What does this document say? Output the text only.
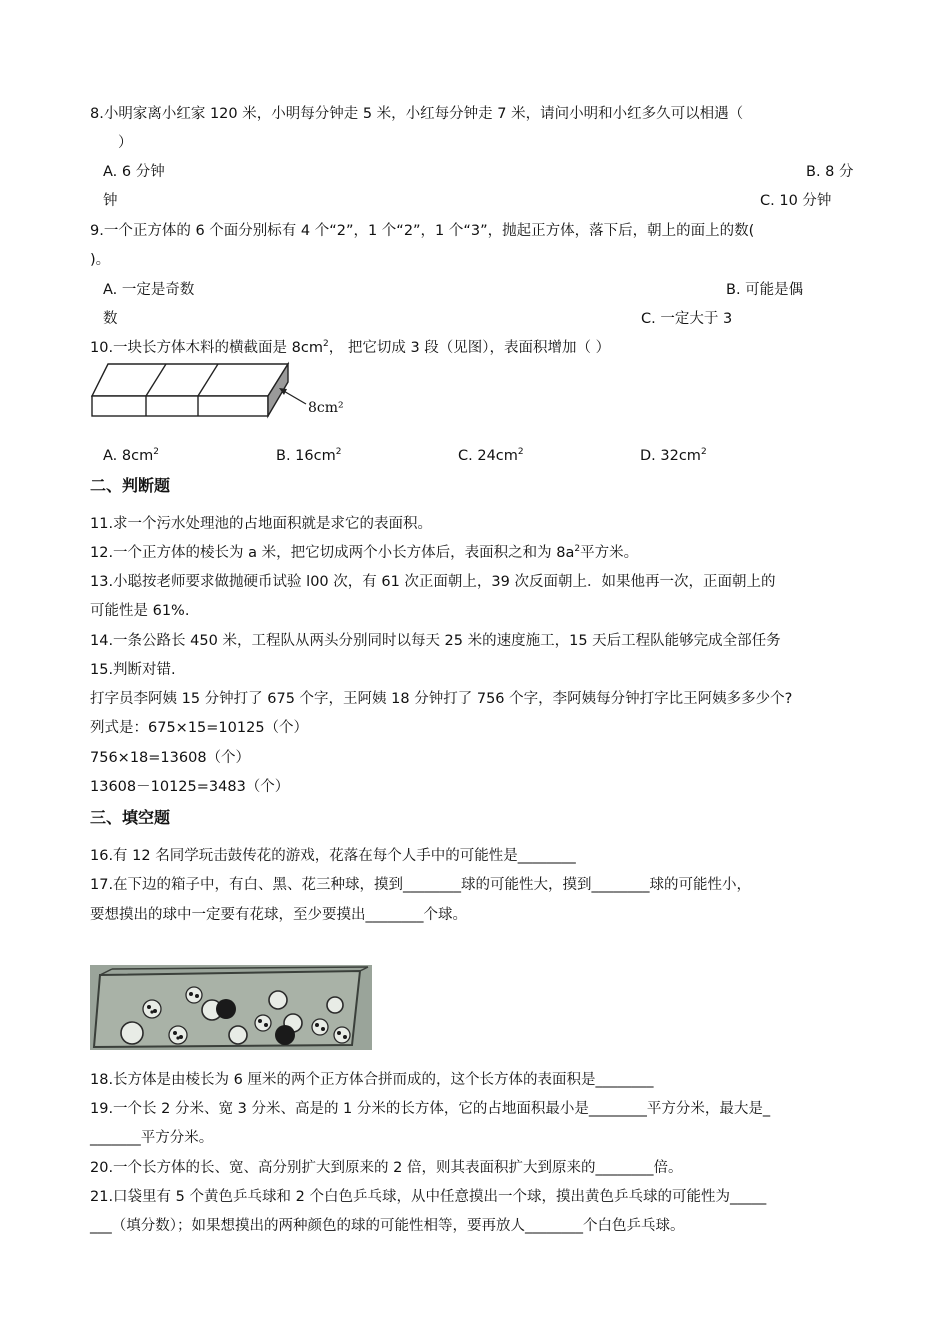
8.小明家离小红家 120 米，小明每分钟走 5 米，小红每分钟走 7 米，请问小明和小红多久可以相遇（
）
A. 6 分钟	B. 8 分
钟	C. 10 分钟
9.一个正方体的 6 个面分别标有 4 个“2”，1 个“2”，1 个“3”，抛起正方体，落下后，朝上的面上的数(
)。
A. 一定是奇数	B. 可能是偶
数	C. 一定大于 3
10.一块长方体木料的横截面是 $8cm^2$， 把它切成 3 段（见图），表面积增加（ ）
8cm²
A. $8cm^2$	B. $16cm^2$	C. $24cm^2$	D. $32cm^2$
二、判断题
11.求一个污水处理池的占地面积就是求它的表面积。
12.一个正方体的棱长为 a 米，把它切成两个小长方体后，表面积之和为 $8a^2$平方米。
13.小聪按老师要求做抛硬币试验 l00 次，有 61 次正面朝上，39 次反面朝上．如果他再一次，正面朝上的
可能性是 61%.
14.一条公路长 450 米，工程队从两头分别同时以每天 25 米的速度施工，15 天后工程队能够完成全部任务
15.判断对错.
打字员李阿姨 15 分钟打了 675 个字，王阿姨 18 分钟打了 756 个字，李阿姨每分钟打字比王阿姨多多少个?
列式是：675×15=10125（个）
756×18=13608（个）
13608－10125=3483（个）
三、填空题
16.有 12 名同学玩击鼓传花的游戏，花落在每个人手中的可能性是________
17.在下边的箱子中，有白、黑、花三种球，摸到________球的可能性大，摸到________球的可能性小，
要想摸出的球中一定要有花球，至少要摸出________个球。
18.长方体是由棱长为 6 厘米的两个正方体合拼而成的，这个长方体的表面积是________
19.一个长 2 分米、宽 3 分米、高是的 1 分米的长方体，它的占地面积最小是________平方分米，最大是_
_______平方分米。
20.一个长方体的长、宽、高分别扩大到原来的 2 倍，则其表面积扩大到原来的________倍。
21.口袋里有 5 个黄色乒乓球和 2 个白色乒乓球，从中任意摸出一个球，摸出黄色乒乓球的可能性为_____
___（填分数）；如果想摸出的两种颜色的球的可能性相等，要再放人________个白色乒乓球。
